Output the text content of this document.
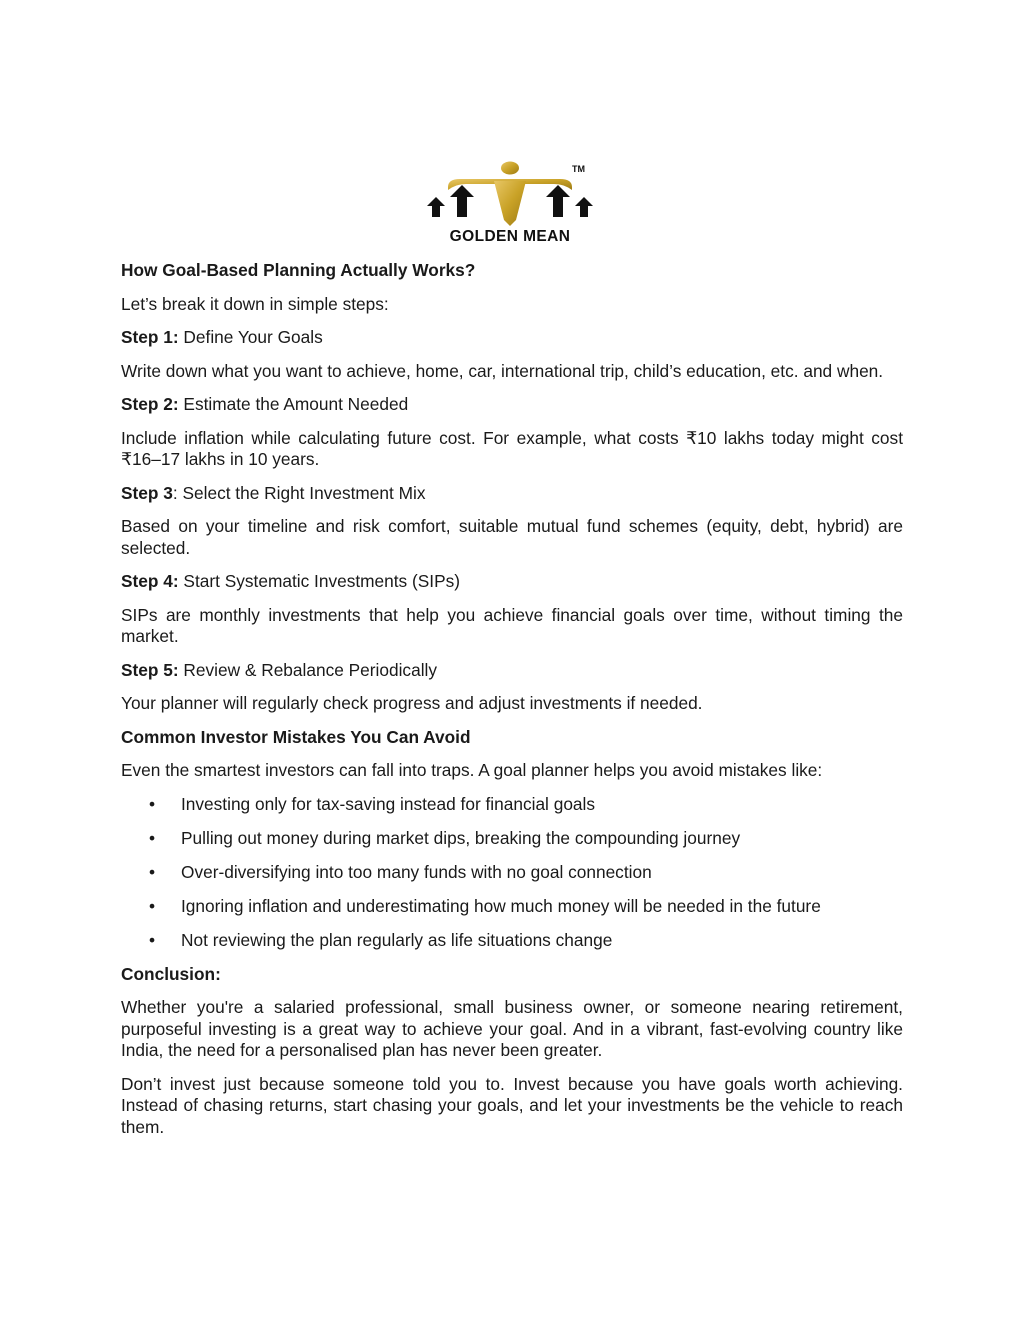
TM
GOLDEN MEAN

How Goal-Based Planning Actually Works?

Let’s break it down in simple steps:

Step 1: Define Your Goals

Write down what you want to achieve, home, car, international trip, child’s education, etc. and when.

Step 2: Estimate the Amount Needed

Include inflation while calculating future cost. For example, what costs ₹10 lakhs today might cost ₹16–17 lakhs in 10 years.

Step 3: Select the Right Investment Mix

Based on your timeline and risk comfort, suitable mutual fund schemes (equity, debt, hybrid) are selected.

Step 4: Start Systematic Investments (SIPs)

SIPs are monthly investments that help you achieve financial goals over time, without timing the market.

Step 5: Review & Rebalance Periodically

Your planner will regularly check progress and adjust investments if needed.

Common Investor Mistakes You Can Avoid

Even the smartest investors can fall into traps. A goal planner helps you avoid mistakes like:

• Investing only for tax-saving instead for financial goals
• Pulling out money during market dips, breaking the compounding journey
• Over-diversifying into too many funds with no goal connection
• Ignoring inflation and underestimating how much money will be needed in the future
• Not reviewing the plan regularly as life situations change

Conclusion:

Whether you're a salaried professional, small business owner, or someone nearing retirement, purposeful investing is a great way to achieve your goal. And in a vibrant, fast-evolving country like India, the need for a personalised plan has never been greater.

Don’t invest just because someone told you to. Invest because you have goals worth achieving. Instead of chasing returns, start chasing your goals, and let your investments be the vehicle to reach them.
